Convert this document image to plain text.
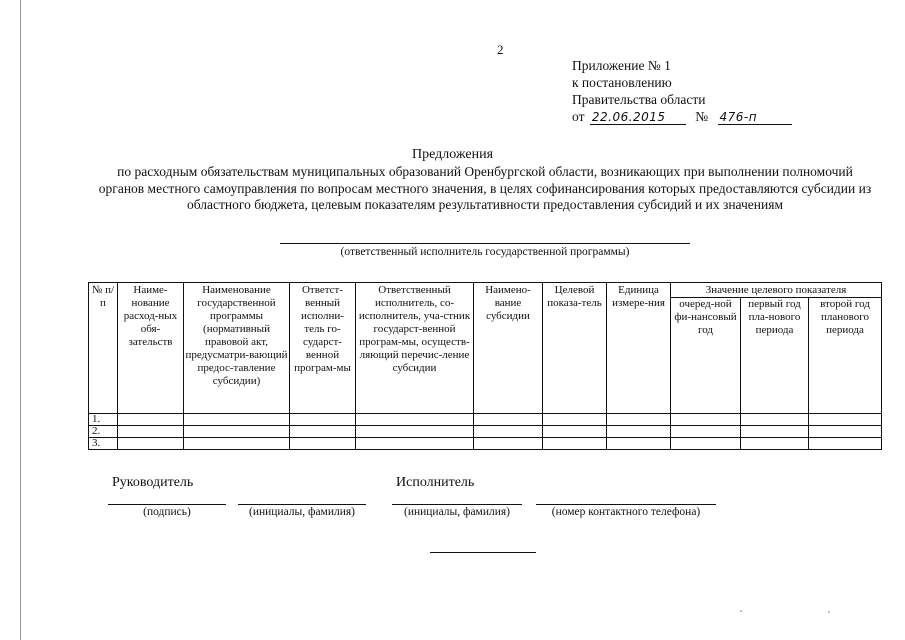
2
Приложение № 1
к постановлению
Правительства области
от 22.06.2015 № 476-п
Предложения
по расходным обязательствам муниципальных образований Оренбургской области, возникающих при выполнении полномочий органов местного самоуправления по вопросам местного значения, в целях софинансирования которых предоставляются субсидии из областного бюджета, целевым показателям результативности предоставления субсидий и их значениям
(ответственный исполнитель государственной программы)
№ п/п	Наиме-нование расход-ных обя-зательств	Наименование государственной программы (нормативный правовой акт, предусматри-вающий предос-тавление субсидии)	Ответст-венный исполни-тель го-сударст-венной програм-мы	Ответственный исполнитель, со-исполнитель, уча-стник государст-венной програм-мы, осуществ-ляющий перечис-ление субсидии	Наимено-вание субсидии	Целевой показа-тель	Единица измере-ния	Значение целевого показателя		
								очеред-ной фи-нансовый год	первый год пла-нового периода	второй год планового периода
1.										
2.										
3.										
Руководитель	Исполнитель
(подпись)	(инициалы, фамилия)	(инициалы, фамилия)	(номер контактного телефона)
